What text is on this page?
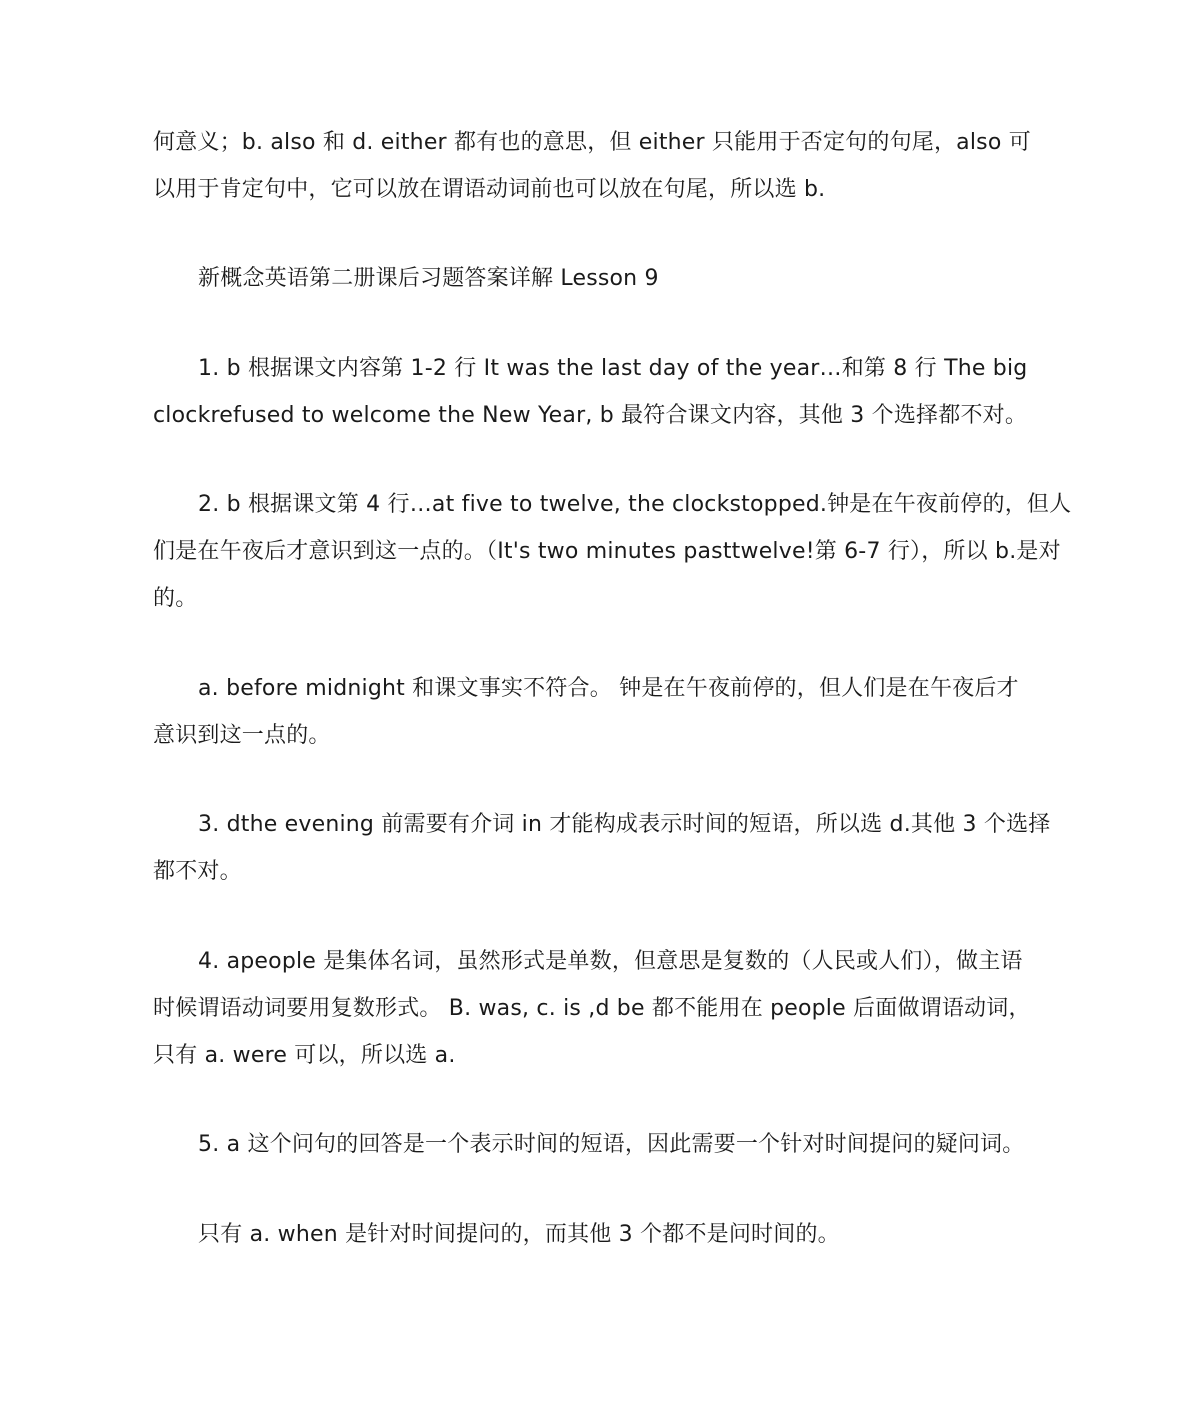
何意义；b. also 和 d. either 都有也的意思，但 either 只能用于否定句的句尾，also 可
以用于肯定句中，它可以放在谓语动词前也可以放在句尾，所以选 b.
新概念英语第二册课后习题答案详解 Lesson 9
1. b 根据课文内容第 1-2 行 It was the last day of the year…和第 8 行 The big
clockrefused to welcome the New Year, b 最符合课文内容，其他 3 个选择都不对。
2. b 根据课文第 4 行…at five to twelve, the clockstopped.钟是在午夜前停的，但人
们是在午夜后才意识到这一点的。（It's two minutes pasttwelve!第 6-7 行），所以 b.是对
的。
a. before midnight 和课文事实不符合。 钟是在午夜前停的，但人们是在午夜后才
意识到这一点的。
3. dthe evening 前需要有介词 in 才能构成表示时间的短语，所以选 d.其他 3 个选择
都不对。
4. apeople 是集体名词，虽然形式是单数，但意思是复数的（人民或人们），做主语
时候谓语动词要用复数形式。 B. was, c. is ,d be 都不能用在 people 后面做谓语动词，
只有 a. were 可以，所以选 a.
5. a 这个问句的回答是一个表示时间的短语，因此需要一个针对时间提问的疑问词。
只有 a. when 是针对时间提问的，而其他 3 个都不是问时间的。
